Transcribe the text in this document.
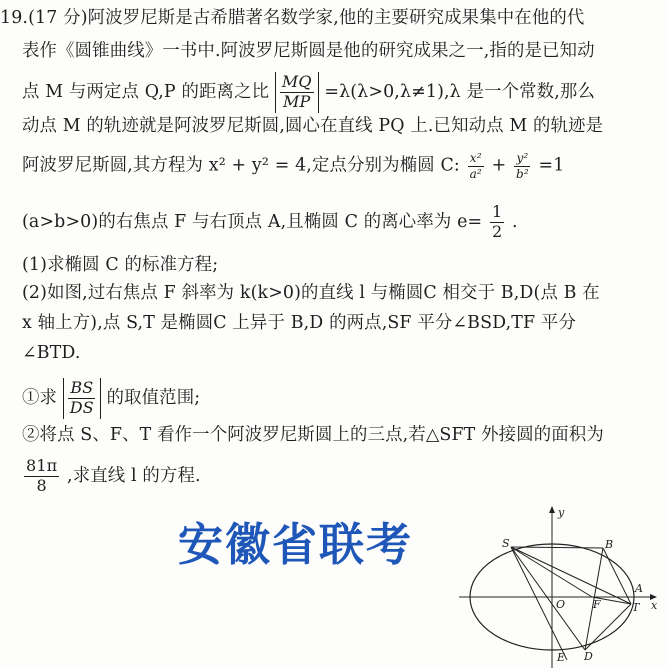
19.(17 分)阿波罗尼斯是古希腊著名数学家,他的主要研究成果集中在他的代
表作《圆锥曲线》一书中.阿波罗尼斯圆是他的研究成果之一,指的是已知动
点 M 与两定点 Q,P 的距离之比 $\frac{MQ}{MP} =\lambda(\lambda>0,\lambda\ne 1),\lambda$ 是一个常数,那么
动点 M 的轨迹就是阿波罗尼斯圆,圆心在直线 PQ 上.已知动点 M 的轨迹是
阿波罗尼斯圆,其方程为 x² + y² = 4,定点分别为椭圆 C: $\frac{\text{x²}}{\text{a²}} + \frac{\text{y²}}{\text{b²}} =1$
(a>b>0)的右焦点 F 与右顶点 A,且椭圆 C 的离心率为 $e= \frac{1}{2}$ .
(1)求椭圆 C 的标准方程;
(2)如图,过右焦点 F 斜率为 k(k>0)的直线 l 与椭圆C 相交于 B,D(点 B 在
x 轴上方),点 S,T 是椭圆C 上异于 B,D 的两点,SF 平分∠BSD,TF 平分
∠BTD.
①求 $\frac{BS}{DS}$ 的取值范围;
②将点 S、F、T 看作一个阿波罗尼斯圆上的三点,若△SFT 外接圆的面积为
$\frac{81\pi}{8}$ ,求直线 l 的方程.
安徽省联考
y
x
S	B
O	F
A
T
E D
